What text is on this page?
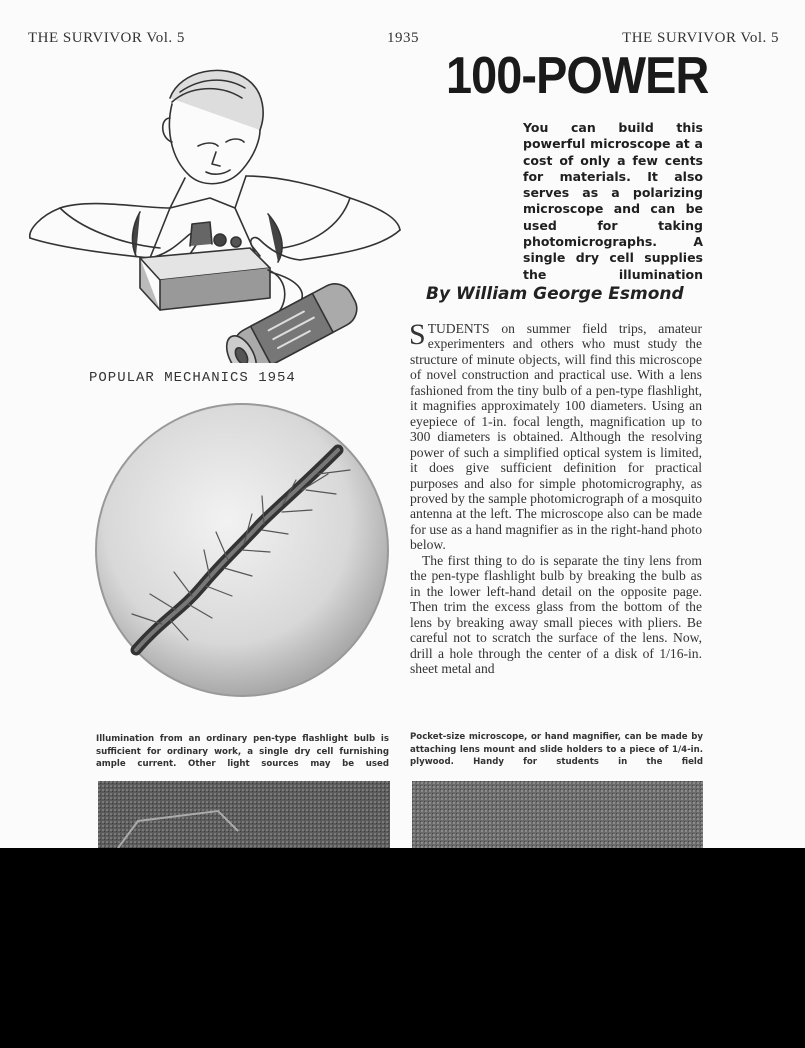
THE SURVIVOR Vol. 5	1935	THE SURVIVOR Vol. 5
POPULAR MECHANICS 1954
100-POWER
You can build this powerful microscope at a cost of only a few cents for materials. It also serves as a polarizing microscope and can be used for taking photomicrographs. A single dry cell supplies the illumination
By William George Esmond

STUDENTS on summer field trips, amateur experimenters and others who must study the structure of minute objects, will find this microscope of novel construction and practical use. With a lens fashioned from the tiny bulb of a pen-type flashlight, it magnifies approximately 100 diameters. Using an eyepiece of 1-in. focal length, magnification up to 300 diameters is obtained. Although the resolving power of such a simplified optical system is limited, it does give sufficient definition for practical purposes and also for simple photomicrography, as proved by the sample photomicrograph of a mosquito antenna at the left. The microscope also can be made for use as a hand magnifier as in the right-hand photo below.

The first thing to do is separate the tiny lens from the pen-type flashlight bulb by breaking the bulb as in the lower left-hand detail on the opposite page. Then trim the excess glass from the bottom of the lens by breaking away small pieces with pliers. Be careful not to scratch the surface of the lens. Now, drill a hole through the center of a disk of 1/16-in. sheet metal and

Illumination from an ordinary pen-type flashlight bulb is sufficient for ordinary work, a single dry cell furnishing ample current. Other light sources may be used
Pocket-size microscope, or hand magnifier, can be made by attaching lens mount and slide holders to a piece of 1/4-in. plywood. Handy for students in the field
